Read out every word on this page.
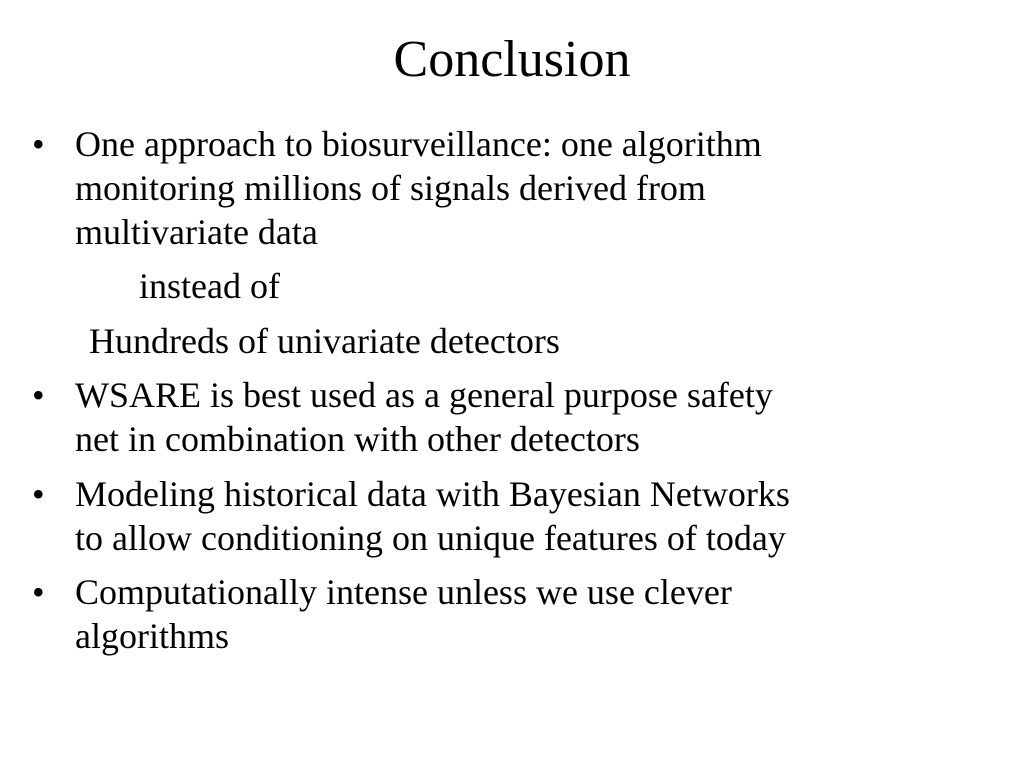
Conclusion
• One approach to biosurveillance: one algorithm
monitoring millions of signals derived from
multivariate data
instead of
Hundreds of univariate detectors
• WSARE is best used as a general purpose safety
net in combination with other detectors
• Modeling historical data with Bayesian Networks
to allow conditioning on unique features of today
• Computationally intense unless we use clever
algorithms
